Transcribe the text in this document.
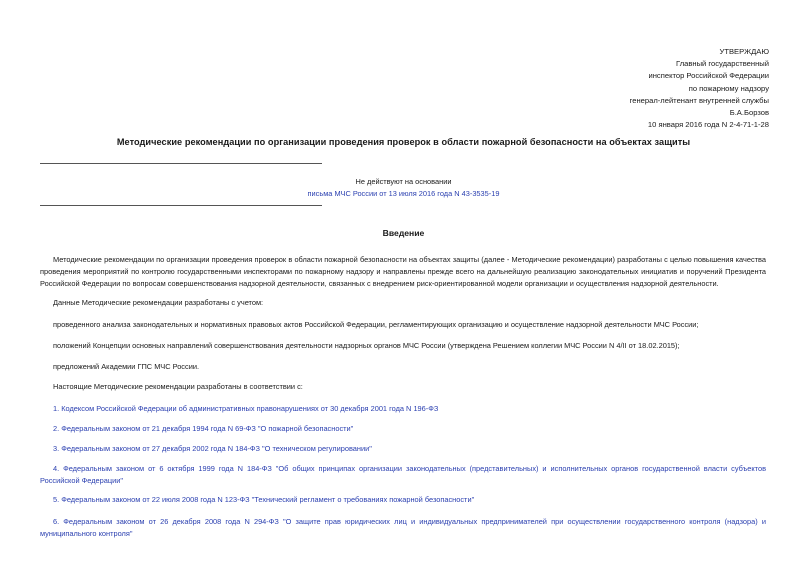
УТВЕРЖДАЮ
Главный государственный
инспектор Российской Федерации
по пожарному надзору
генерал-лейтенант внутренней службы
Б.А.Борзов
10 января 2016 года N 2-4-71-1-28
Методические рекомендации по организации проведения проверок в области пожарной безопасности на объектах защиты
Не действуют на основании
письма МЧС России от 13 июля 2016 года N 43-3535-19
Введение
Методические рекомендации по организации проведения проверок в области пожарной безопасности на объектах защиты (далее - Методические рекомендации) разработаны с целью повышения качества проведения мероприятий по контролю государственными инспекторами по пожарному надзору и направлены прежде всего на дальнейшую реализацию законодательных инициатив и поручений Президента Российской Федерации по вопросам совершенствования надзорной деятельности, связанных с внедрением риск-ориентированной модели организации и осуществления надзорной деятельности.
Данные Методические рекомендации разработаны с учетом:
проведенного анализа законодательных и нормативных правовых актов Российской Федерации, регламентирующих организацию и осуществление надзорной деятельности МЧС России;
положений Концепции основных направлений совершенствования деятельности надзорных органов МЧС России (утверждена Решением коллегии МЧС России N 4/II от 18.02.2015);
предложений Академии ГПС МЧС России.
Настоящие Методические рекомендации разработаны в соответствии с:
1. Кодексом Российской Федерации об административных правонарушениях от 30 декабря 2001 года N 196-ФЗ
2. Федеральным законом от 21 декабря 1994 года N 69-ФЗ "О пожарной безопасности"
3. Федеральным законом от 27 декабря 2002 года N 184-ФЗ "О техническом регулировании"
4. Федеральным законом от 6 октября 1999 года N 184-ФЗ "Об общих принципах организации законодательных (представительных) и исполнительных органов государственной власти субъектов Российской Федерации"
5. Федеральным законом от 22 июля 2008 года N 123-ФЗ "Технический регламент о требованиях пожарной безопасности"
6. Федеральным законом от 26 декабря 2008 года N 294-ФЗ "О защите прав юридических лиц и индивидуальных предпринимателей при осуществлении государственного контроля (надзора) и муниципального контроля"
